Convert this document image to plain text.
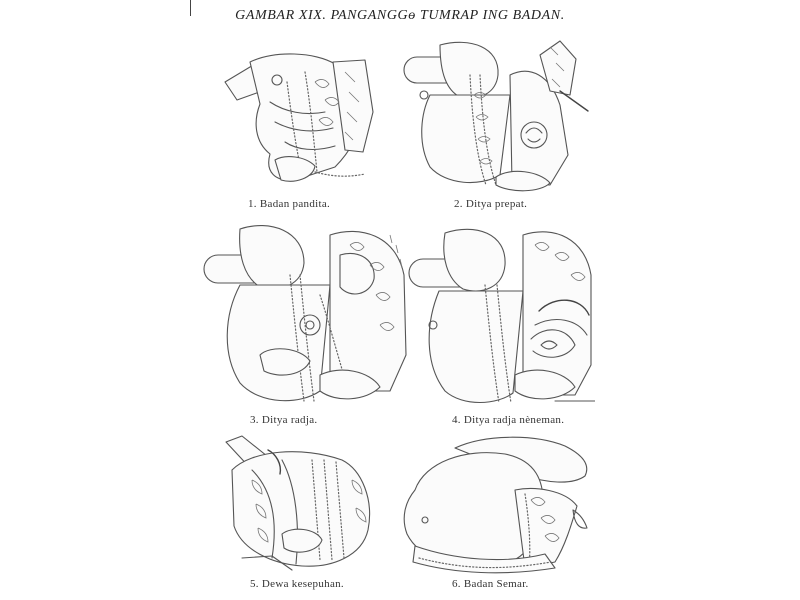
GAMBAR XIX. PANGANGGɵ TUMRAP ING BADAN.
1. Badan pandita.	2. Ditya prepat.
3. Ditya radja.	4. Ditya radja nèneman.
5. Dewa kesepuhan.	6. Badan Semar.
